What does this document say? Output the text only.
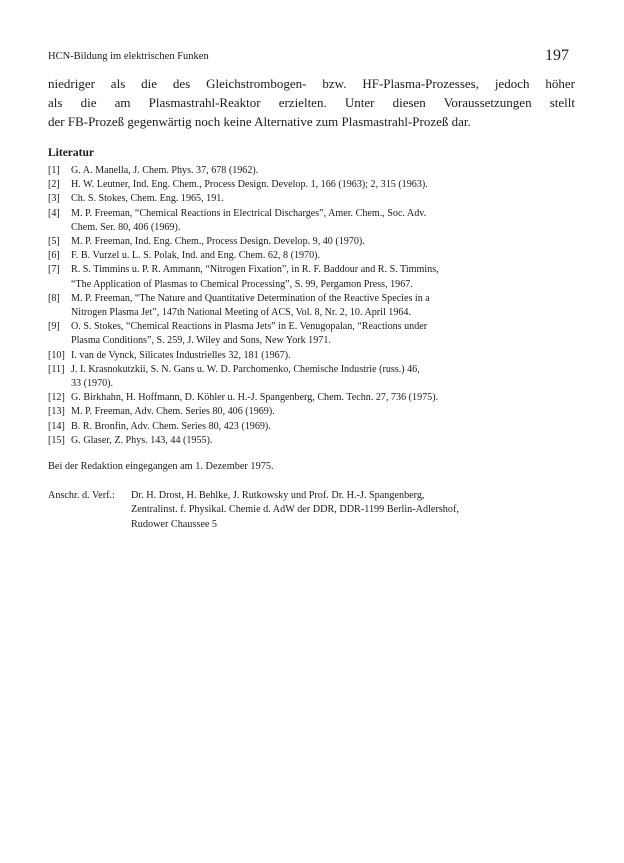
HCN-Bildung im elektrischen Funken	197
niedriger als die des Gleichstrombogen- bzw. HF-Plasma-Prozesses, jedoch höher
als die am Plasmastrahl-Reaktor erzielten. Unter diesen Voraussetzungen stellt
der FB-Prozeß gegenwärtig noch keine Alternative zum Plasmastrahl-Prozeß dar.
Literatur
[1] G. A. Manella, J. Chem. Phys. 37, 678 (1962).
[2] H. W. Leutner, Ind. Eng. Chem., Process Design. Develop. 1, 166 (1963); 2, 315 (1963).
[3] Ch. S. Stokes, Chem. Eng. 1965, 191.
[4] M. P. Freeman, “Chemical Reactions in Electrical Discharges”, Amer. Chem., Soc. Adv.
Chem. Ser. 80, 406 (1969).
[5] M. P. Freeman, Ind. Eng. Chem., Process Design. Develop. 9, 40 (1970).
[6] F. B. Vurzel u. L. S. Polak, Ind. and Eng. Chem. 62, 8 (1970).
[7] R. S. Timmins u. P. R. Ammann, “Nitrogen Fixation”, in R. F. Baddour and R. S. Timmins,
“The Application of Plasmas to Chemical Processing”, S. 99, Pergamon Press, 1967.
[8] M. P. Freeman, “The Nature and Quantitative Determination of the Reactive Species in a
Nitrogen Plasma Jet”, 147th National Meeting of ACS, Vol. 8, Nr. 2, 10. April 1964.
[9] O. S. Stokes, “Chemical Reactions in Plasma Jets” in E. Venugopalan, “Reactions under
Plasma Conditions”, S. 259, J. Wiley and Sons, New York 1971.
[10] I. van de Vynck, Silicates Industrielles 32, 181 (1967).
[11] J. I. Krasnokutzkii, S. N. Gans u. W. D. Parchomenko, Chemische Industrie (russ.) 46,
33 (1970).
[12] G. Birkhahn, H. Hoffmann, D. Köhler u. H.-J. Spangenberg, Chem. Techn. 27, 736 (1975).
[13] M. P. Freeman, Adv. Chem. Series 80, 406 (1969).
[14] B. R. Bronfin, Adv. Chem. Series 80, 423 (1969).
[15] G. Glaser, Z. Phys. 143, 44 (1955).
Bei der Redaktion eingegangen am 1. Dezember 1975.
Anschr. d. Verf.: Dr. H. Drost, H. Behlke, J. Rutkowsky und Prof. Dr. H.-J. Spangenberg,
Zentralinst. f. Physikal. Chemie d. AdW der DDR, DDR-1199 Berlin-Adlershof,
Rudower Chaussee 5
